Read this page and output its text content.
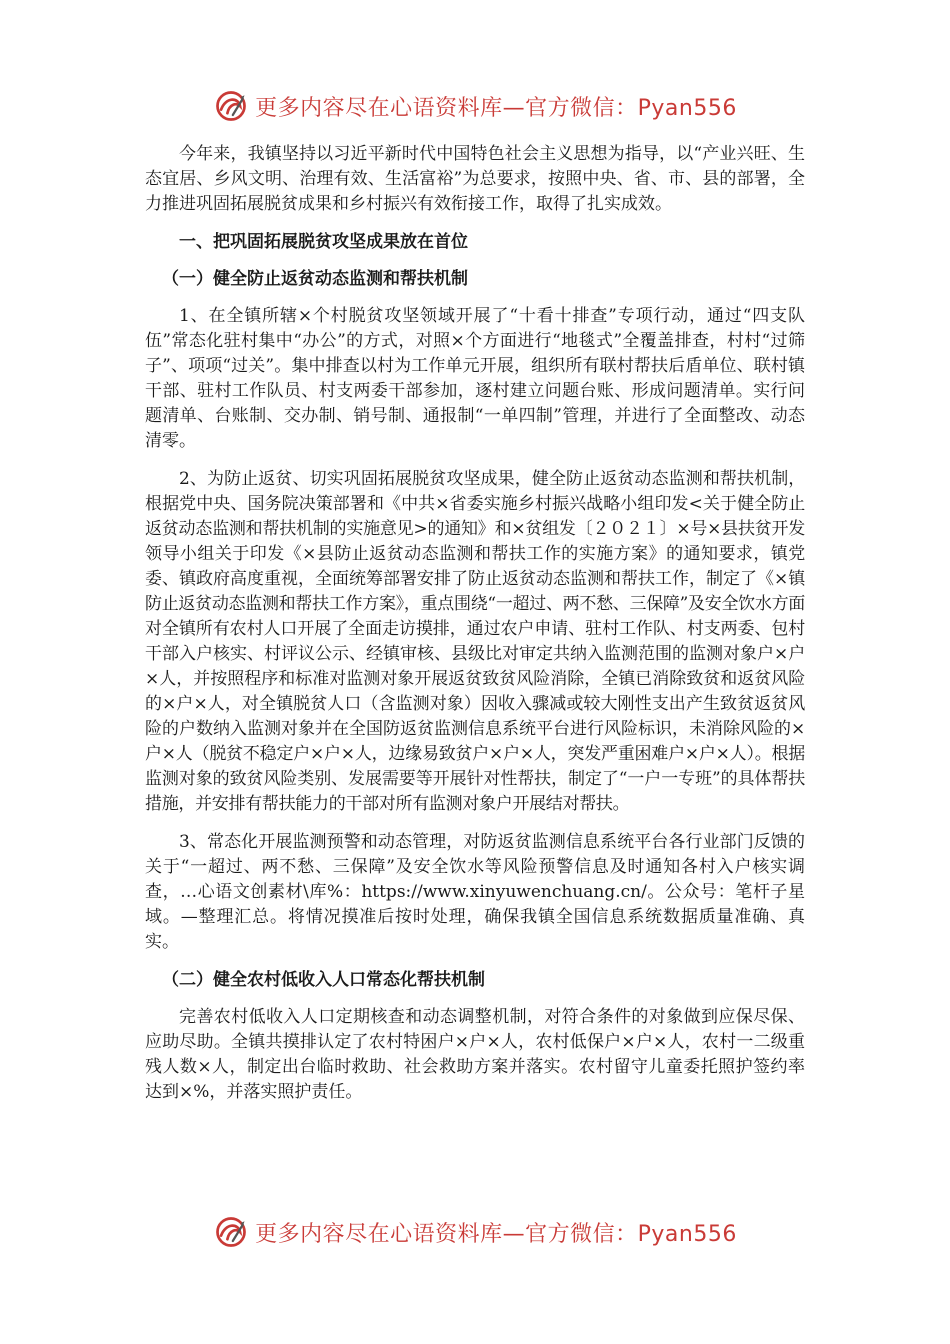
更多内容尽在心语资料库—官方微信：Pyan556

今年来，我镇坚持以习近平新时代中国特色社会主义思想为指导，以“产业兴旺、生态宜居、乡风文明、治理有效、生活富裕”为总要求，按照中央、省、市、县的部署，全力推进巩固拓展脱贫成果和乡村振兴有效衔接工作，取得了扎实成效。

一、把巩固拓展脱贫攻坚成果放在首位

（一）健全防止返贫动态监测和帮扶机制

1、在全镇所辖×个村脱贫攻坚领域开展了“十看十排查”专项行动，通过“四支队伍”常态化驻村集中“办公”的方式，对照×个方面进行“地毯式”全覆盖排查，村村“过筛子”、项项“过关”。集中排查以村为工作单元开展，组织所有联村帮扶后盾单位、联村镇干部、驻村工作队员、村支两委干部参加，逐村建立问题台账、形成问题清单。实行问题清单、台账制、交办制、销号制、通报制“一单四制”管理，并进行了全面整改、动态清零。

2、为防止返贫、切实巩固拓展脱贫攻坚成果，健全防止返贫动态监测和帮扶机制，根据党中央、国务院决策部署和《中共×省委实施乡村振兴战略小组印发<关于健全防止返贫动态监测和帮扶机制的实施意见>的通知》和×贫组发〔２０２１〕×号×县扶贫开发领导小组关于印发《×县防止返贫动态监测和帮扶工作的实施方案》的通知要求，镇党委、镇政府高度重视，全面统筹部署安排了防止返贫动态监测和帮扶工作，制定了《×镇防止返贫动态监测和帮扶工作方案》，重点围绕“一超过、两不愁、三保障”及安全饮水方面对全镇所有农村人口开展了全面走访摸排，通过农户申请、驻村工作队、村支两委、包村干部入户核实、村评议公示、经镇审核、县级比对审定共纳入监测范围的监测对象户×户×人，并按照程序和标准对监测对象开展返贫致贫风险消除，全镇已消除致贫和返贫风险的×户×人，对全镇脱贫人口（含监测对象）因收入骤减或较大刚性支出产生致贫返贫风险的户数纳入监测对象并在全国防返贫监测信息系统平台进行风险标识，未消除风险的×户×人（脱贫不稳定户×户×人，边缘易致贫户×户×人，突发严重困难户×户×人）。根据监测对象的致贫风险类别、发展需要等开展针对性帮扶，制定了“一户一专班”的具体帮扶措施，并安排有帮扶能力的干部对所有监测对象户开展结对帮扶。

3、常态化开展监测预警和动态管理，对防返贫监测信息系统平台各行业部门反馈的关于“一超过、两不愁、三保障”及安全饮水等风险预警信息及时通知各村入户核实调查，…心语文创素材\库%：https://www.xinyuwenchuang.cn/。公众号：笔杆子星域。—整理汇总。将情况摸准后按时处理，确保我镇全国信息系统数据质量准确、真实。

（二）健全农村低收入人口常态化帮扶机制

完善农村低收入人口定期核查和动态调整机制，对符合条件的对象做到应保尽保、应助尽助。全镇共摸排认定了农村特困户×户×人，农村低保户×户×人，农村一二级重残人数×人，制定出台临时救助、社会救助方案并落实。农村留守儿童委托照护签约率达到×%，并落实照护责任。

更多内容尽在心语资料库—官方微信：Pyan556
